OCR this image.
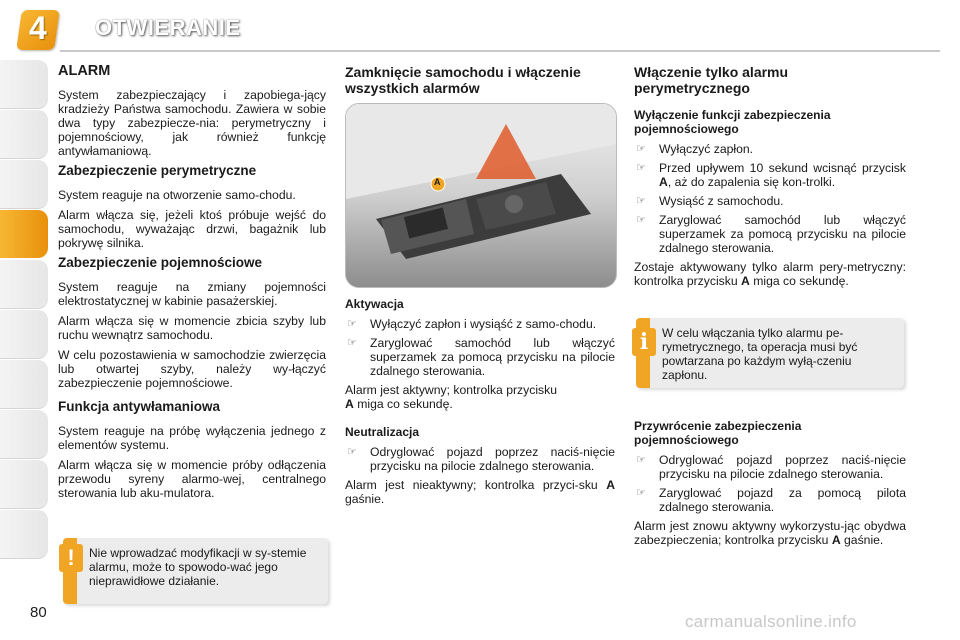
4 OTWIERANIE
ALARM

System zabezpieczający i zapobiega-jący kradzieży Państwa samochodu. Zawiera w sobie dwa typy zabezpiecze-nia: perymetryczny i pojemnościowy, jak również funkcję antywłamaniową.

Zabezpieczenie perymetryczne

System reaguje na otworzenie samo-chodu.

Alarm włącza się, jeżeli ktoś próbuje wejść do samochodu, wyważając drzwi, bagażnik lub pokrywę silnika.

Zabezpieczenie pojemnościowe

System reaguje na zmiany pojemności elektrostatycznej w kabinie pasażerskiej.

Alarm włącza się w momencie zbicia szyby lub ruchu wewnątrz samochodu.

W celu pozostawienia w samochodzie zwierzęcia lub otwartej szyby, należy wy-łączyć zabezpieczenie pojemnościowe.

Funkcja antywłamaniowa

System reaguje na próbę wyłączenia jednego z elementów systemu.

Alarm włącza się w momencie próby odłączenia przewodu syreny alarmo-wej, centralnego sterowania lub aku-mulatora.

!	Nie wprowadzać modyfikacji w sy-stemie alarmu, może to spowodo-wać jego nieprawidłowe działanie.
Zamknięcie samochodu i włączenie wszystkich alarmów
A
Aktywacja
☞ Wyłączyć zapłon i wysiąść z samo-chodu.
☞ Zaryglować samochód lub włączyć superzamek za pomocą przycisku na pilocie zdalnego sterowania.

Alarm jest aktywny; kontrolka przycisku
A miga co sekundę.

Neutralizacja
☞ Odryglować pojazd poprzez naciś-nięcie przycisku na pilocie zdalnego sterowania.

Alarm jest nieaktywny; kontrolka przyci-sku A gaśnie.

Włączenie tylko alarmu perymetrycznego
Wyłączenie funkcji zabezpieczenia pojemnościowego
☞ Wyłączyć zapłon.
☞ Przed upływem 10 sekund wcisnąć przycisk A, aż do zapalenia się kon-trolki.
☞ Wysiąść z samochodu.
☞ Zaryglować samochód lub włączyć superzamek za pomocą przycisku na pilocie zdalnego sterowania.

Zostaje aktywowany tylko alarm pery-metryczny: kontrolka przycisku A miga co sekundę.

i	W celu włączania tylko alarmu pe-rymetrycznego, ta operacja musi być powtarzana po każdym wyłą-czeniu zapłonu.
Przywrócenie zabezpieczenia pojemnościowego
☞ Odryglować pojazd poprzez naciś-nięcie przycisku na pilocie zdalnego sterowania.
☞ Zaryglować pojazd za pomocą pilota zdalnego sterowania.

Alarm jest znowu aktywny wykorzystu-jąc obydwa zabezpieczenia; kontrolka przycisku A gaśnie.

80	carmanualsonline.info
